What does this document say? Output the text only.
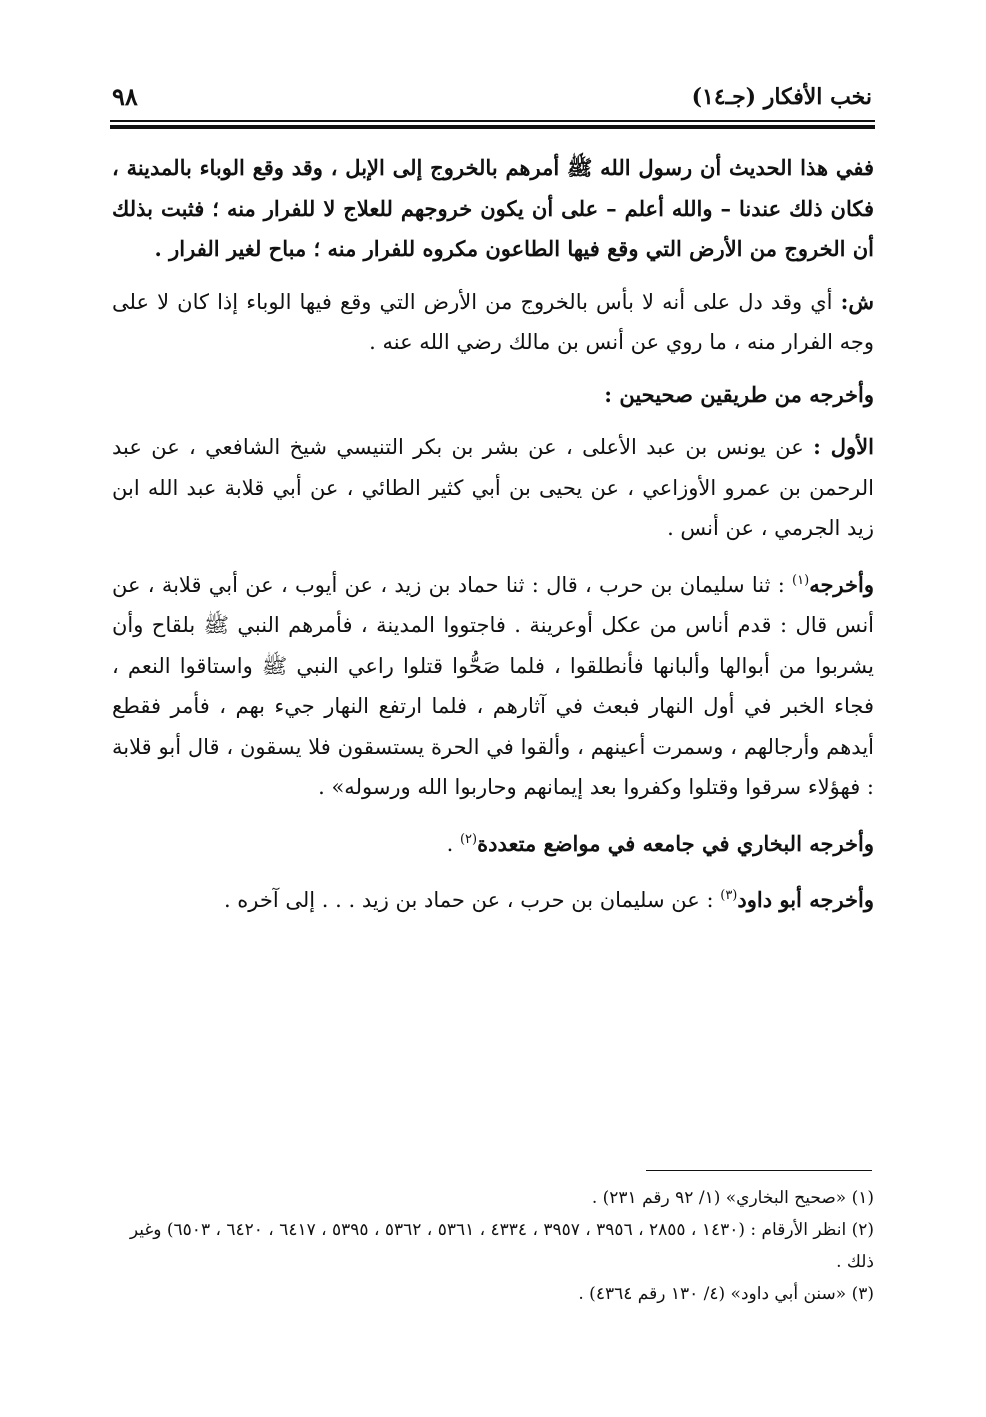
نخب الأفكار (جـ١٤)
٩٨

ففي هذا الحديث أن رسول الله ﷺ أمرهم بالخروج إلى الإبل ، وقد وقع الوباء بالمدينة ، فكان ذلك عندنا – والله أعلم – على أن يكون خروجهم للعلاج لا للفرار منه ؛ فثبت بذلك أن الخروج من الأرض التي وقع فيها الطاعون مكروه للفرار منه ؛ مباح لغير الفرار .

ش: أي وقد دل على أنه لا بأس بالخروج من الأرض التي وقع فيها الوباء إذا كان لا على وجه الفرار منه ، ما روي عن أنس بن مالك رضي الله عنه .

وأخرجه من طريقين صحيحين :

الأول : عن يونس بن عبد الأعلى ، عن بشر بن بكر التنيسي شيخ الشافعي ، عن عبد الرحمن بن عمرو الأوزاعي ، عن يحيى بن أبي كثير الطائي ، عن أبي قلابة عبد الله ابن زيد الجرمي ، عن أنس .

وأخرجه$^{(١)}$ : ثنا سليمان بن حرب ، قال : ثنا حماد بن زيد ، عن أيوب ، عن أبي قلابة ، عن أنس قال : قدم أناس من عكل أوعرينة . فاجتووا المدينة ، فأمرهم النبي ﷺ بلقاح وأن يشربوا من أبوالها وألبانها فأنطلقوا ، فلما صَحُّوا قتلوا راعي النبي ﷺ واستاقوا النعم ، فجاء الخبر في أول النهار فبعث في آثارهم ، فلما ارتفع النهار جيء بهم ، فأمر فقطع أيدهم وأرجالهم ، وسمرت أعينهم ، وألقوا في الحرة يستسقون فلا يسقون ، قال أبو قلابة : فهؤلاء سرقوا وقتلوا وكفروا بعد إيمانهم وحاربوا الله ورسوله» .

وأخرجه البخاري في جامعه في مواضع متعددة$^{(٢)}$ .

وأخرجه أبو داود$^{(٣)}$ : عن سليمان بن حرب ، عن حماد بن زيد . . . إلى آخره .

(١) «صحيح البخاري» (١/ ٩٢ رقم ٢٣١) .

(٢) انظر الأرقام : (١٤٣٠ ، ٢٨٥٥ ، ٣٩٥٦ ، ٣٩٥٧ ، ٤٣٣٤ ، ٥٣٦١ ، ٥٣٦٢ ، ٥٣٩٥ ، ٦٤١٧ ، ٦٤٢٠ ، ٦٥٠٣) وغير ذلك .

(٣) «سنن أبي داود» (٤/ ١٣٠ رقم ٤٣٦٤) .
